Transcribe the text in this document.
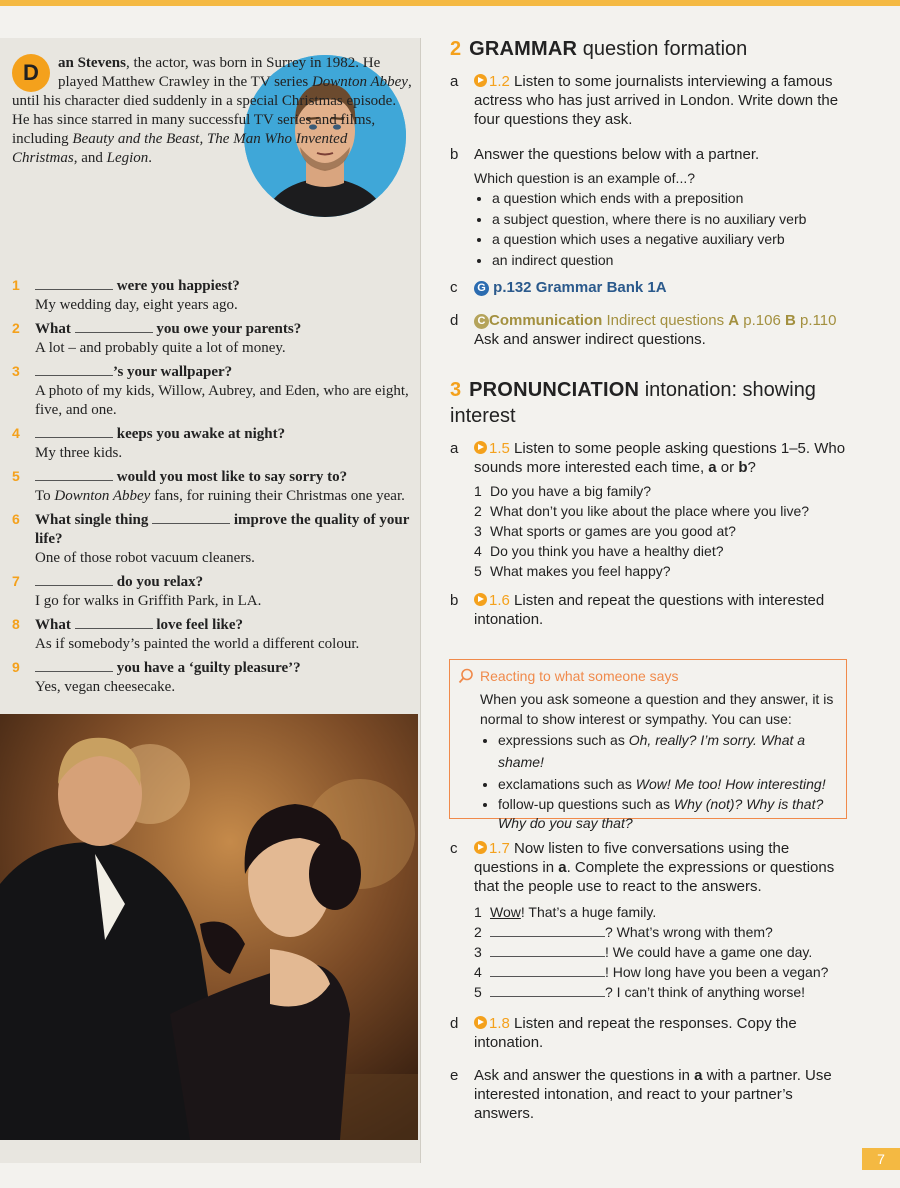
D	an Stevens, the actor, was born in Surrey in 1982. He played Matthew Crawley in the TV series Downton Abbey, until his character died suddenly in a special Christmas episode. He has since starred in many successful TV series and films, including Beauty and the Beast, The Man Who Invented Christmas, and Legion.
1	were you happiest?
My wedding day, eight years ago.
2 What	you owe your parents?
A lot – and probably quite a lot of money.
3	’s your wallpaper?
A photo of my kids, Willow, Aubrey, and Eden, who are eight, five, and one.
4	keeps you awake at night?
My three kids.
5	would you most like to say sorry to?
To Downton Abbey fans, for ruining their Christmas one year.
6 What single thing	improve the quality of your life?
One of those robot vacuum cleaners.
7	do you relax?
I go for walks in Griffith Park, in LA.
8 What	love feel like?
As if somebody’s painted the world a different colour.
9	you have a ‘guilty pleasure’?
Yes, vegan cheesecake.
2 GRAMMAR question formation
a 1.2 Listen to some journalists interviewing a famous actress who has just arrived in London. Write down the four questions they ask.
b Answer the questions below with a partner.
Which question is an example of...?
• a question which ends with a preposition
• a subject question, where there is no auxiliary verb
• a question which uses a negative auxiliary verb
• an indirect question
c G p.132 Grammar Bank 1A
d C Communication Indirect questions A p.106 B p.110 Ask and answer indirect questions.
3 PRONUNCIATION intonation: showing interest
a 1.5 Listen to some people asking questions 1–5. Who sounds more interested each time, a or b?
1 Do you have a big family?
2 What don’t you like about the place where you live?
3 What sports or games are you good at?
4 Do you think you have a healthy diet?
5 What makes you feel happy?
b 1.6 Listen and repeat the questions with interested intonation.
Reacting to what someone says
When you ask someone a question and they answer, it is normal to show interest or sympathy. You can use:
• expressions such as Oh, really? I’m sorry. What a shame!
• exclamations such as Wow! Me too! How interesting!
• follow-up questions such as Why (not)? Why is that? Why do you say that?
c 1.7 Now listen to five conversations using the questions in a. Complete the expressions or questions that the people use to react to the answers.
1 Wow! That’s a huge family.
2	? What’s wrong with them?
3	! We could have a game one day.
4	! How long have you been a vegan?
5	? I can’t think of anything worse!
d 1.8 Listen and repeat the responses. Copy the intonation.
e Ask and answer the questions in a with a partner. Use interested intonation, and react to your partner’s answers.
7
